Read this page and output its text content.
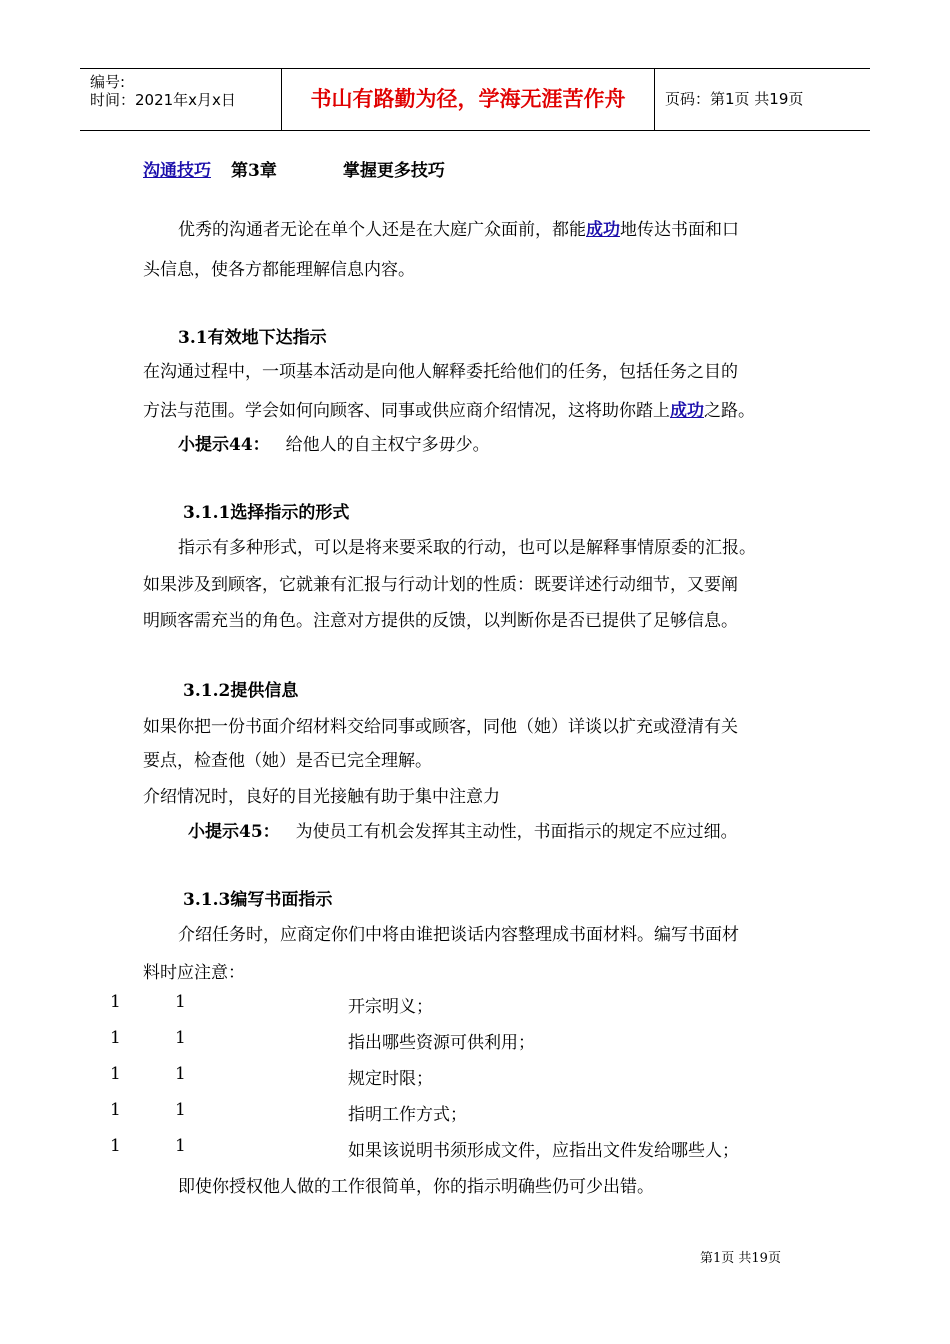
编号:
时间：2021年x月x日	书山有路勤为径，学海无涯苦作舟	页码：第1页 共19页
沟通技巧 第3章	掌握更多技巧
优秀的沟通者无论在单个人还是在大庭广众面前，都能成功地传达书面和口
头信息，使各方都能理解信息内容。
3.1有效地下达指示
在沟通过程中，一项基本活动是向他人解释委托给他们的任务，包括任务之目的
方法与范围。学会如何向顾客、同事或供应商介绍情况，这将助你踏上成功之路。
小提示44： 给他人的自主权宁多毋少。
3.1.1选择指示的形式
指示有多种形式，可以是将来要采取的行动，也可以是解释事情原委的汇报。
如果涉及到顾客，它就兼有汇报与行动计划的性质：既要详述行动细节，又要阐
明顾客需充当的角色。注意对方提供的反馈，以判断你是否已提供了足够信息。
3.1.2提供信息
如果你把一份书面介绍材料交给同事或顾客，同他（她）详谈以扩充或澄清有关
要点，检查他（她）是否已完全理解。
介绍情况时，良好的目光接触有助于集中注意力
小提示45： 为使员工有机会发挥其主动性，书面指示的规定不应过细。
3.1.3编写书面指示
介绍任务时，应商定你们中将由谁把谈话内容整理成书面材料。编写书面材
料时应注意：
1	1	开宗明义；
1	1	指出哪些资源可供利用；
1	1	规定时限；
1	1	指明工作方式；
1	1	如果该说明书须形成文件，应指出文件发给哪些人；
即使你授权他人做的工作很简单，你的指示明确些仍可少出错。
第1页 共19页
